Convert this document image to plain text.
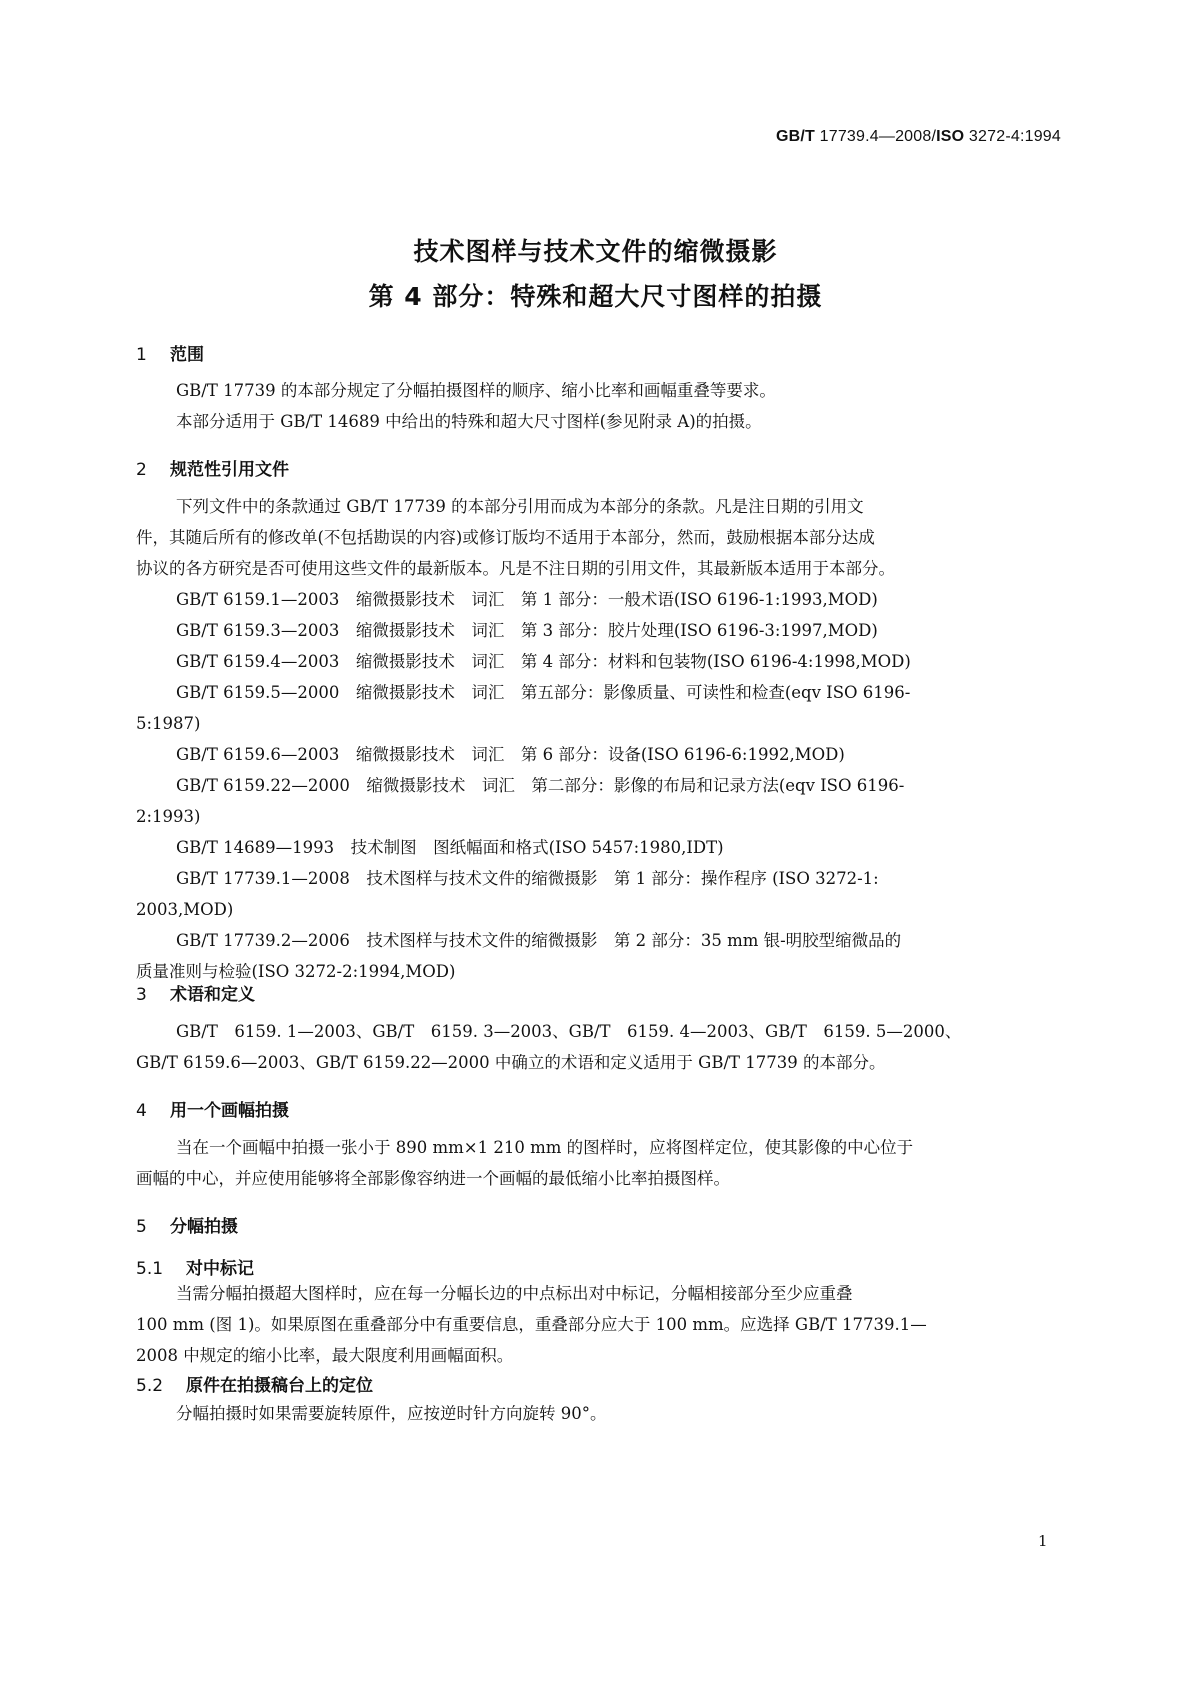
GB/T 17739.4—2008/ISO 3272-4:1994
技术图样与技术文件的缩微摄影
第 4 部分：特殊和超大尺寸图样的拍摄
1 范围
GB/T 17739 的本部分规定了分幅拍摄图样的顺序、缩小比率和画幅重叠等要求。
本部分适用于 GB/T 14689 中给出的特殊和超大尺寸图样(参见附录 A)的拍摄。
2 规范性引用文件
下列文件中的条款通过 GB/T 17739 的本部分引用而成为本部分的条款。凡是注日期的引用文
件，其随后所有的修改单(不包括勘误的内容)或修订版均不适用于本部分，然而，鼓励根据本部分达成
协议的各方研究是否可使用这些文件的最新版本。凡是不注日期的引用文件，其最新版本适用于本部分。
GB/T 6159.1—2003　缩微摄影技术　词汇　第 1 部分：一般术语(ISO 6196-1:1993,MOD)
GB/T 6159.3—2003　缩微摄影技术　词汇　第 3 部分：胶片处理(ISO 6196-3:1997,MOD)
GB/T 6159.4—2003　缩微摄影技术　词汇　第 4 部分：材料和包装物(ISO 6196-4:1998,MOD)
GB/T 6159.5—2000　缩微摄影技术　词汇　第五部分：影像质量、可读性和检查(eqv ISO 6196-
5:1987)
GB/T 6159.6—2003　缩微摄影技术　词汇　第 6 部分：设备(ISO 6196-6:1992,MOD)
GB/T 6159.22—2000　缩微摄影技术　词汇　第二部分：影像的布局和记录方法(eqv ISO 6196-
2:1993)
GB/T 14689—1993　技术制图　图纸幅面和格式(ISO 5457:1980,IDT)
GB/T 17739.1—2008　技术图样与技术文件的缩微摄影　第 1 部分：操作程序 (ISO 3272-1:
2003,MOD)
GB/T 17739.2—2006　技术图样与技术文件的缩微摄影　第 2 部分：35 mm 银-明胶型缩微品的
质量准则与检验(ISO 3272-2:1994,MOD)
3 术语和定义
GB/T　6159. 1—2003、GB/T　6159. 3—2003、GB/T　6159. 4—2003、GB/T　6159. 5—2000、
GB/T 6159.6—2003、GB/T 6159.22—2000 中确立的术语和定义适用于 GB/T 17739 的本部分。
4 用一个画幅拍摄
当在一个画幅中拍摄一张小于 890 mm×1 210 mm 的图样时，应将图样定位，使其影像的中心位于
画幅的中心，并应使用能够将全部影像容纳进一个画幅的最低缩小比率拍摄图样。
5 分幅拍摄
5.1 对中标记
当需分幅拍摄超大图样时，应在每一分幅长边的中点标出对中标记，分幅相接部分至少应重叠
100 mm (图 1)。如果原图在重叠部分中有重要信息，重叠部分应大于 100 mm。应选择 GB/T 17739.1—
2008 中规定的缩小比率，最大限度利用画幅面积。
5.2 原件在拍摄稿台上的定位
分幅拍摄时如果需要旋转原件，应按逆时针方向旋转 90°。
1
